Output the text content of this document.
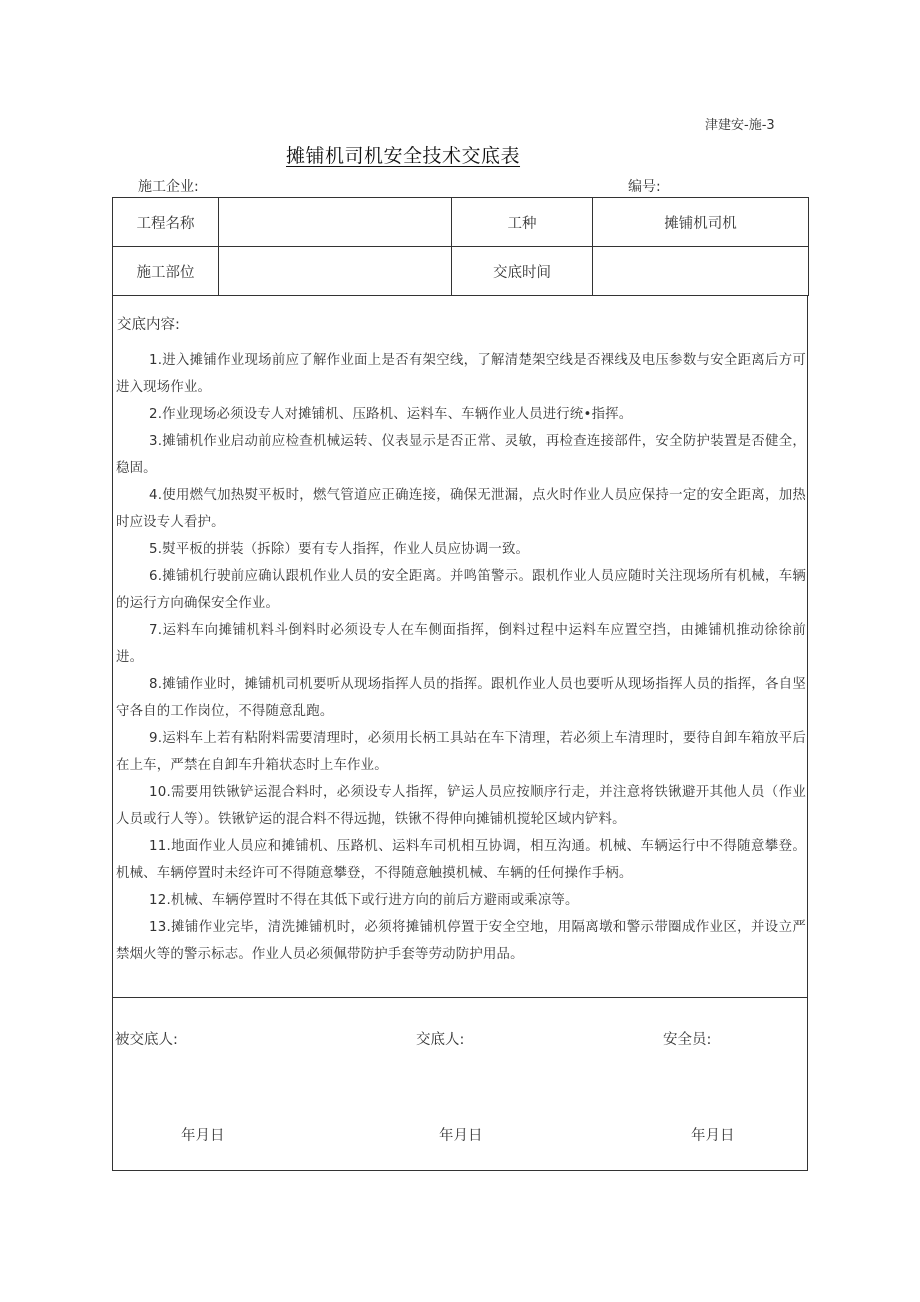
津建安-施-3
摊铺机司机安全技术交底表
施工企业:	编号:
工程名称		工种	摊铺机司机
施工部位		交底时间	
交底内容:

1.进入摊铺作业现场前应了解作业面上是否有架空线，了解清楚架空线是否裸线及电压参数与安全距离后方可进入现场作业。

2.作业现场必须设专人对摊铺机、压路机、运料车、车辆作业人员进行统•指挥。

3.摊铺机作业启动前应检查机械运转、仪表显示是否正常、灵敏，再检查连接部件，安全防护装置是否健全，稳固。

4.使用燃气加热熨平板时，燃气管道应正确连接，确保无泄漏，点火时作业人员应保持一定的安全距离，加热时应设专人看护。

5.熨平板的拼装（拆除）要有专人指挥，作业人员应协调一致。

6.摊铺机行驶前应确认跟机作业人员的安全距离。并鸣笛警示。跟机作业人员应随时关注现场所有机械，车辆的运行方向确保安全作业。

7.运料车向摊铺机料斗倒料时必须设专人在车侧面指挥，倒料过程中运料车应置空挡，由摊铺机推动徐徐前进。

8.摊铺作业时，摊铺机司机要听从现场指挥人员的指挥。跟机作业人员也要听从现场指挥人员的指挥，各自坚守各自的工作岗位，不得随意乱跑。

9.运料车上若有粘附料需要清理时，必须用长柄工具站在车下清理，若必须上车清理时，要待自卸车箱放平后在上车，严禁在自卸车升箱状态时上车作业。

10.需要用铁锹铲运混合料时，必须设专人指挥，铲运人员应按顺序行走，并注意将铁锹避开其他人员（作业人员或行人等）。铁锹铲运的混合料不得远抛，铁锹不得伸向摊铺机搅轮区域内铲料。

11.地面作业人员应和摊铺机、压路机、运料车司机相互协调，相互沟通。机械、车辆运行中不得随意攀登。机械、车辆停置时未经许可不得随意攀登，不得随意触摸机械、车辆的任何操作手柄。

12.机械、车辆停置时不得在其低下或行进方向的前后方避雨或乘凉等。

13.摊铺作业完毕，清洗摊铺机时，必须将摊铺机停置于安全空地，用隔离墩和警示带圈成作业区，并设立严禁烟火等的警示标志。作业人员必须佩带防护手套等劳动防护用品。

被交底人:	交底人:	安全员:
年月日	年月日	年月日
